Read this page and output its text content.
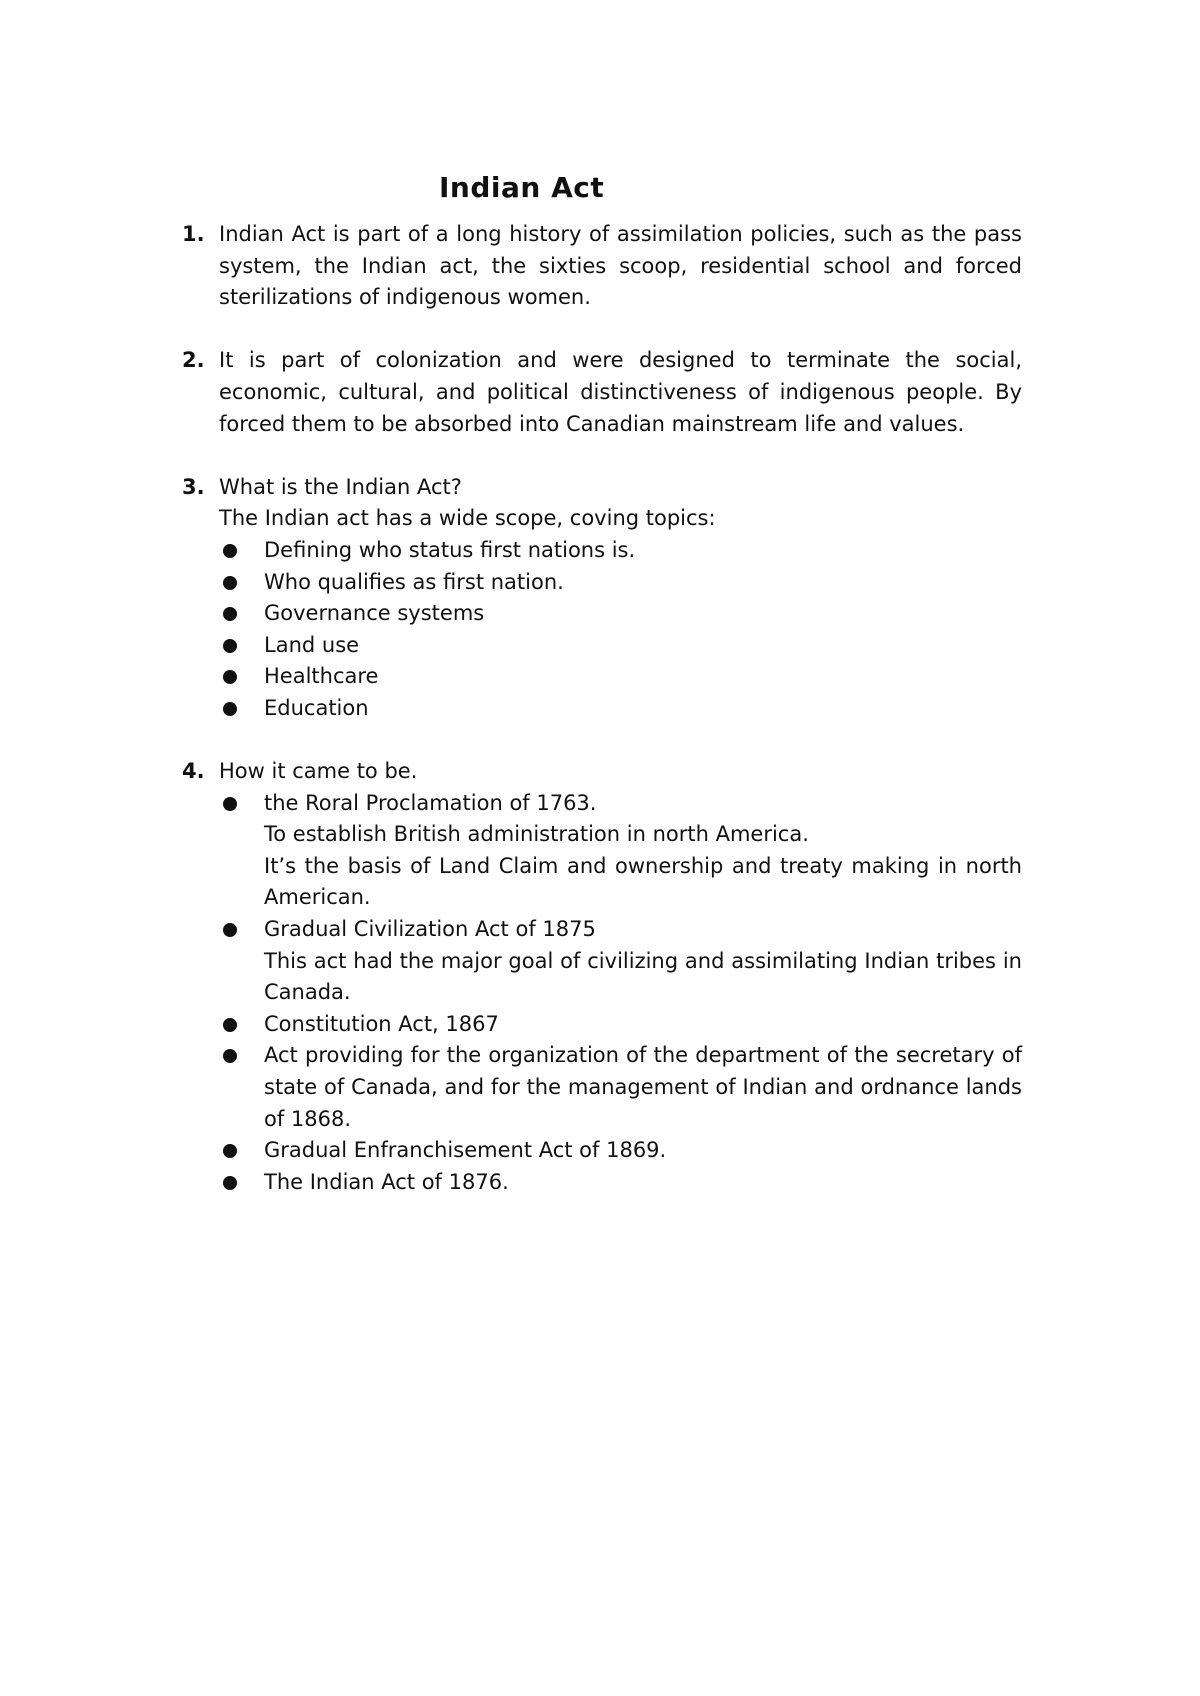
Indian Act
1. Indian Act is part of a long history of assimilation policies, such as the pass system, the Indian act, the sixties scoop, residential school and forced sterilizations of indigenous women.
2. It is part of colonization and were designed to terminate the social, economic, cultural, and political distinctiveness of indigenous people. By forced them to be absorbed into Canadian mainstream life and values.
3. What is the Indian Act?
The Indian act has a wide scope, coving topics:
Defining who status first nations is.
Who qualifies as first nation.
Governance systems
Land use
Healthcare
Education
4. How it came to be.
the Roral Proclamation of 1763.
To establish British administration in north America.
It’s the basis of Land Claim and ownership and treaty making in north American.
Gradual Civilization Act of 1875
This act had the major goal of civilizing and assimilating Indian tribes in Canada.
Constitution Act, 1867
Act providing for the organization of the department of the secretary of state of Canada, and for the management of Indian and ordnance lands of 1868.
Gradual Enfranchisement Act of 1869.
The Indian Act of 1876.
